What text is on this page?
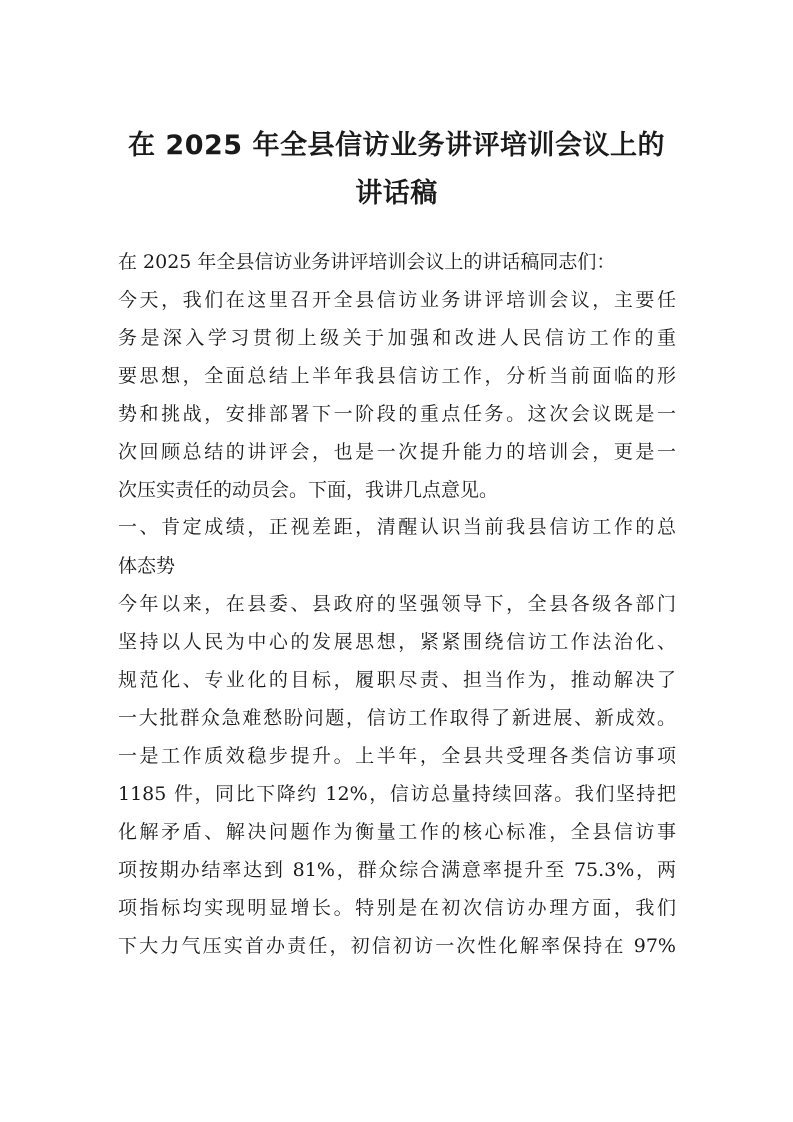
在 2025 年全县信访业务讲评培训会议上的
讲话稿
在 2025 年全县信访业务讲评培训会议上的讲话稿同志们：
今天，我们在这里召开全县信访业务讲评培训会议，主要任
务是深入学习贯彻上级关于加强和改进人民信访工作的重
要思想，全面总结上半年我县信访工作，分析当前面临的形
势和挑战，安排部署下一阶段的重点任务。这次会议既是一
次回顾总结的讲评会，也是一次提升能力的培训会，更是一
次压实责任的动员会。下面，我讲几点意见。
一、肯定成绩，正视差距，清醒认识当前我县信访工作的总
体态势
今年以来，在县委、县政府的坚强领导下，全县各级各部门
坚持以人民为中心的发展思想，紧紧围绕信访工作法治化、
规范化、专业化的目标，履职尽责、担当作为，推动解决了
一大批群众急难愁盼问题，信访工作取得了新进展、新成效。
一是工作质效稳步提升。上半年，全县共受理各类信访事项
1185 件，同比下降约 12%，信访总量持续回落。我们坚持把
化解矛盾、解决问题作为衡量工作的核心标准，全县信访事
项按期办结率达到 81%，群众综合满意率提升至 75.3%，两
项指标均实现明显增长。特别是在初次信访办理方面，我们
下大力气压实首办责任，初信初访一次性化解率保持在 97%
